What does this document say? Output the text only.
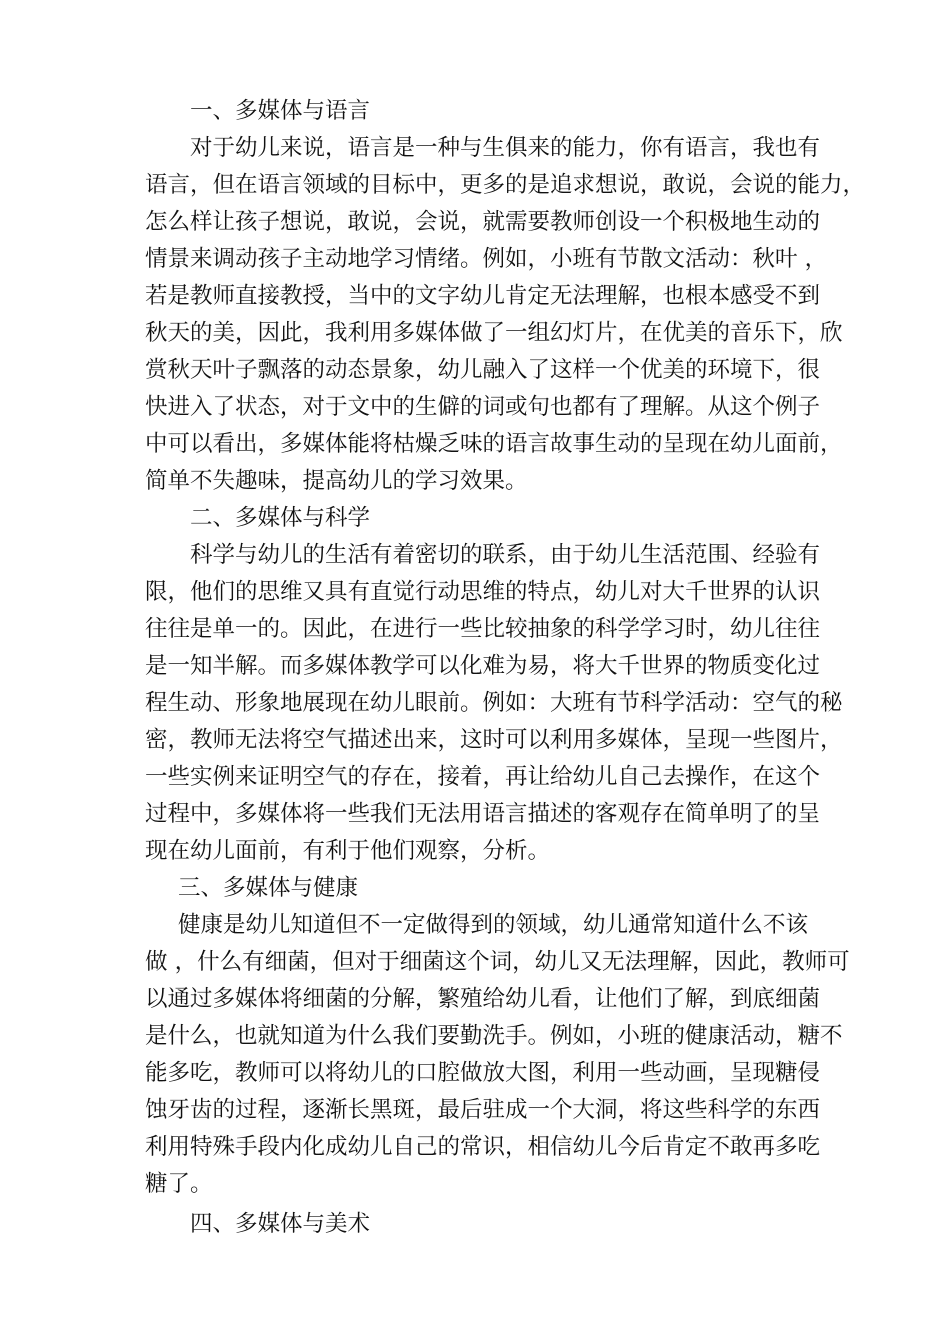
一、多媒体与语言
对于幼儿来说，语言是一种与生俱来的能力，你有语言，我也有
语言，但在语言领域的目标中，更多的是追求想说，敢说，会说的能力，
怎么样让孩子想说，敢说，会说，就需要教师创设一个积极地生动的
情景来调动孩子主动地学习情绪。例如，小班有节散文活动：秋叶 ，
若是教师直接教授，当中的文字幼儿肯定无法理解，也根本感受不到
秋天的美，因此，我利用多媒体做了一组幻灯片，在优美的音乐下，欣
赏秋天叶子飘落的动态景象，幼儿融入了这样一个优美的环境下，很
快进入了状态，对于文中的生僻的词或句也都有了理解。从这个例子
中可以看出，多媒体能将枯燥乏味的语言故事生动的呈现在幼儿面前，
简单不失趣味，提高幼儿的学习效果。
二、多媒体与科学
科学与幼儿的生活有着密切的联系，由于幼儿生活范围、经验有
限，他们的思维又具有直觉行动思维的特点，幼儿对大千世界的认识
往往是单一的。因此，在进行一些比较抽象的科学学习时，幼儿往往
是一知半解。而多媒体教学可以化难为易，将大千世界的物质变化过
程生动、形象地展现在幼儿眼前。例如：大班有节科学活动：空气的秘
密，教师无法将空气描述出来，这时可以利用多媒体，呈现一些图片，
一些实例来证明空气的存在，接着，再让给幼儿自己去操作，在这个
过程中，多媒体将一些我们无法用语言描述的客观存在简单明了的呈
现在幼儿面前，有利于他们观察，分析。
三、多媒体与健康
健康是幼儿知道但不一定做得到的领域，幼儿通常知道什么不该
做 ，什么有细菌，但对于细菌这个词，幼儿又无法理解，因此，教师可
以通过多媒体将细菌的分解，繁殖给幼儿看，让他们了解，到底细菌
是什么，也就知道为什么我们要勤洗手。例如，小班的健康活动，糖不
能多吃，教师可以将幼儿的口腔做放大图，利用一些动画，呈现糖侵
蚀牙齿的过程，逐渐长黑斑，最后驻成一个大洞，将这些科学的东西
利用特殊手段内化成幼儿自己的常识，相信幼儿今后肯定不敢再多吃
糖了。
四、多媒体与美术
